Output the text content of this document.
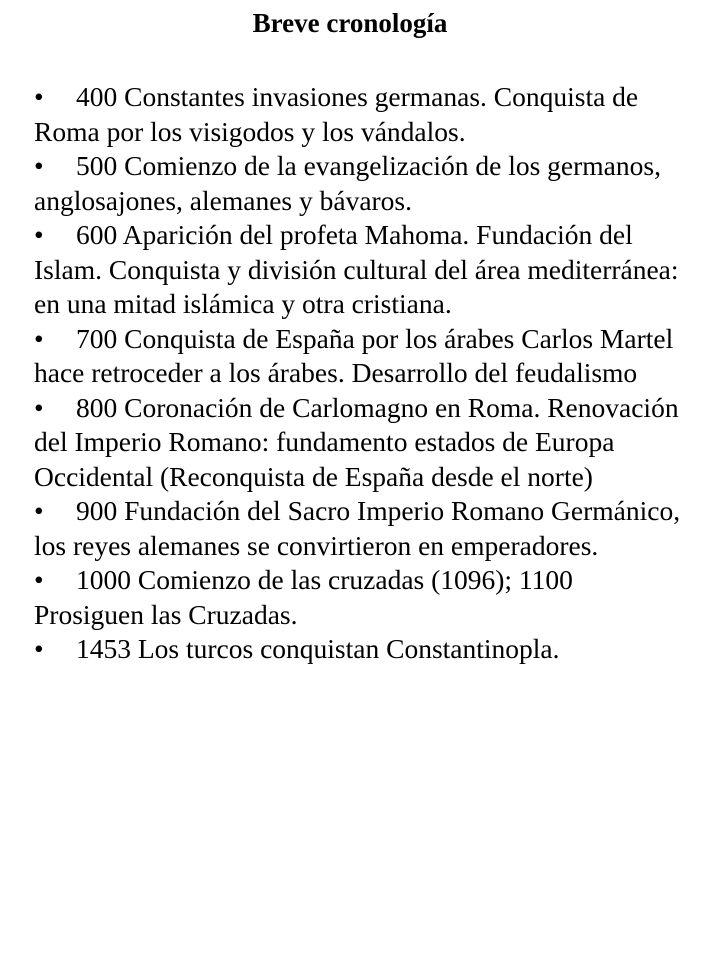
Breve cronología
• 400 Constantes invasiones germanas. Conquista de Roma por los visigodos y los vándalos.
• 500 Comienzo de la evangelización de los germanos, anglosajones, alemanes y bávaros.
• 600 Aparición del profeta Mahoma. Fundación del Islam. Conquista y división cultural del área mediterránea: en una mitad islámica y otra cristiana.
• 700 Conquista de España por los árabes Carlos Martel hace retroceder a los árabes. Desarrollo del feudalismo
• 800 Coronación de Carlomagno en Roma. Renovación del Imperio Romano: fundamento estados de Europa Occidental (Reconquista de España desde el norte)
• 900 Fundación del Sacro Imperio Romano Germánico, los reyes alemanes se convirtieron en emperadores.
• 1000 Comienzo de las cruzadas (1096); 1100 Prosiguen las Cruzadas.
• 1453 Los turcos conquistan Constantinopla.
